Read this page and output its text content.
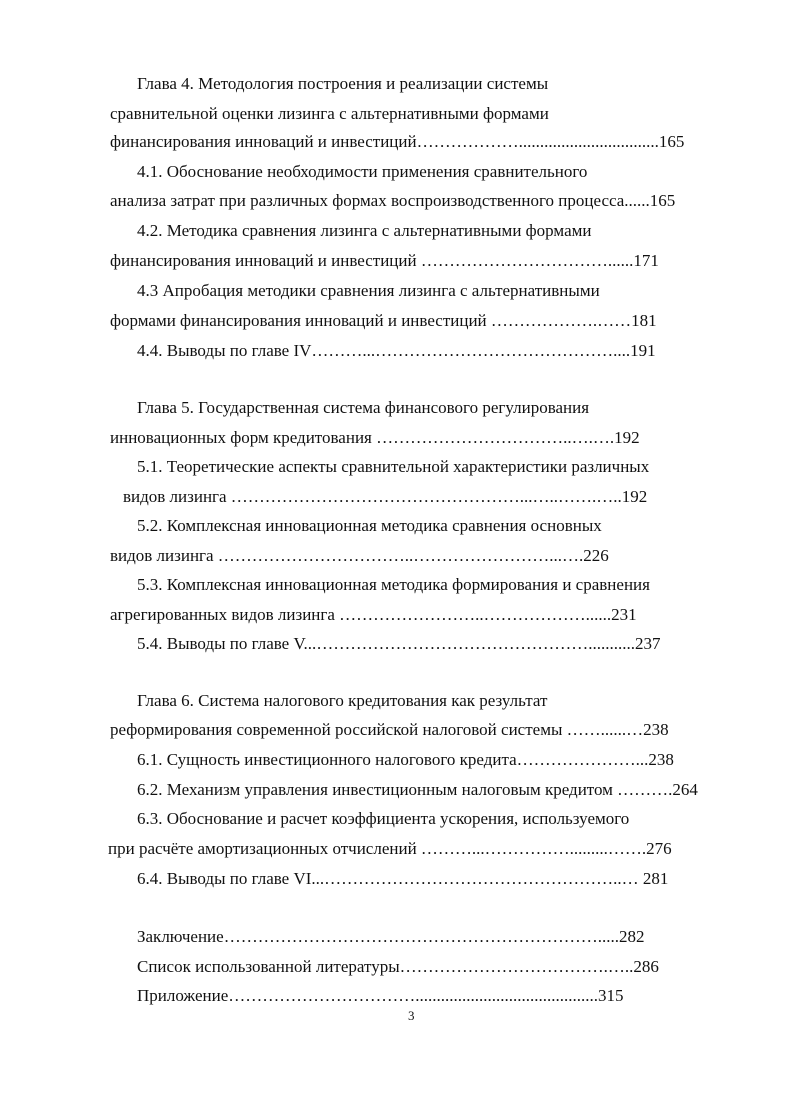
Глава 4. Методология построения и реализации системы
сравнительной оценки лизинга с альтернативными формами
финансирования инноваций и инвестиций……………….................................165
4.1. Обоснование необходимости применения сравнительного
анализа затрат при различных формах воспроизводственного процесса......165
4.2. Методика сравнения лизинга с альтернативными формами
финансирования инноваций и инвестиций ……………………………......171
4.3 Апробация методики сравнения лизинга с альтернативными
формами финансирования инноваций и инвестиций ……………….……181
4.4. Выводы по главе IV………...……………………………………....191
Глава 5. Государственная система финансового регулирования
инновационных форм кредитования ……………………………..….….192
5.1. Теоретические аспекты сравнительной характеристики различных
видов лизинга ……………………………………………...…..…….…..192
5.2. Комплексная инновационная методика сравнения основных
видов лизинга ……………………………..……………………...….226
5.3. Комплексная инновационная методика формирования и сравнения
агрегированных видов лизинга ……………………..………………......231
5.4. Выводы по главе V...…………………………………………...........237
Глава 6. Система налогового кредитования как результат
реформирования современной российской налоговой системы ……......…238
6.1. Сущность инвестиционного налогового кредита…………………...238
6.2. Механизм управления инвестиционным налоговым кредитом ……….264
6.3. Обоснование и расчет коэффициента ускорения, используемого
при расчёте амортизационных отчислений ………...…………….........…….276
6.4. Выводы по главе VI...……………………………………………..… 281
Заключение………………………………………………………….....282
Список использованной литературы……………………………….…..286
Приложение……………………………...........................................315
3
